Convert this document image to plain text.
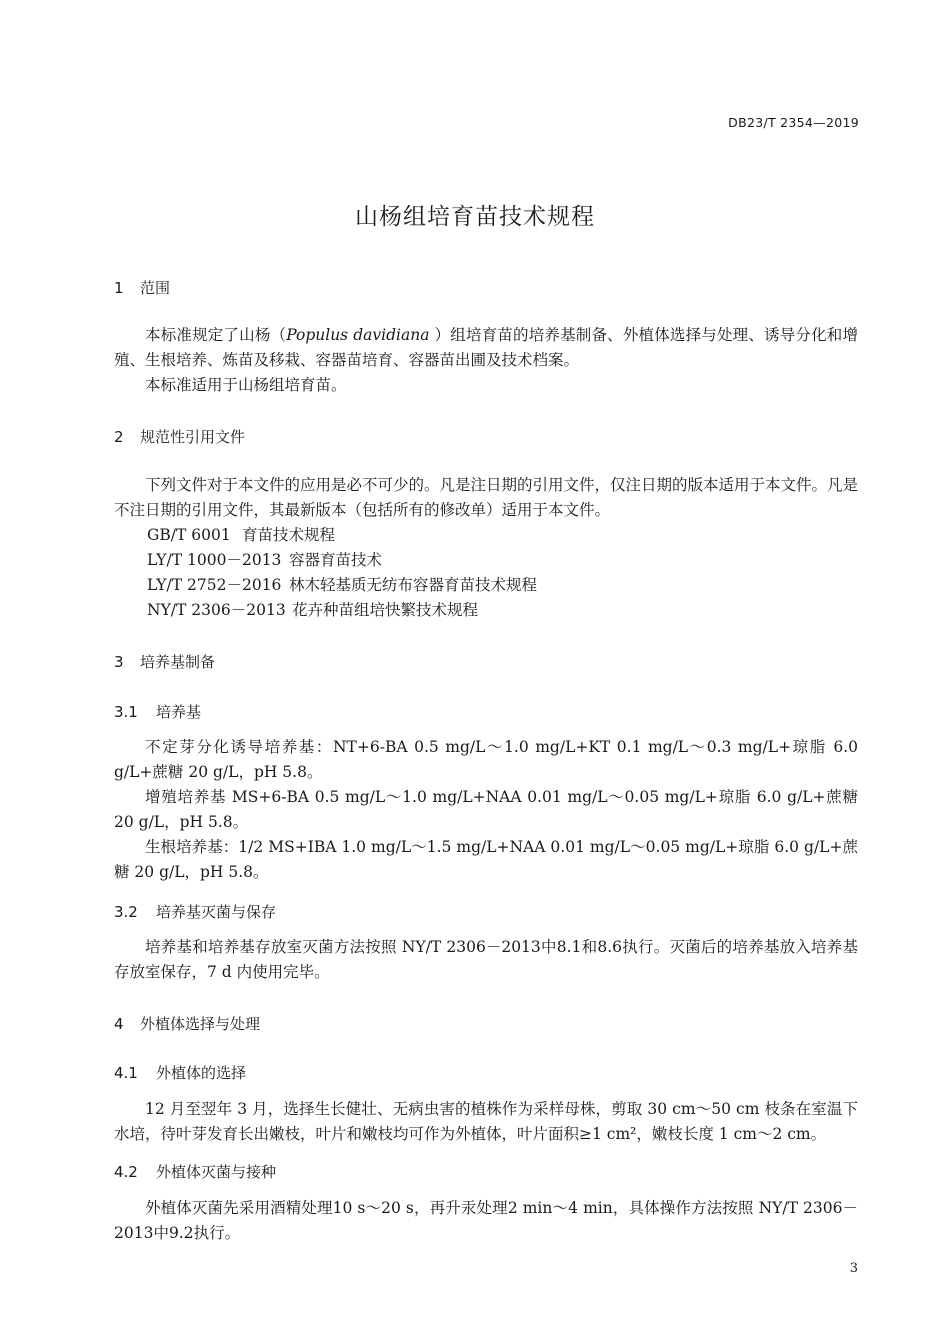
DB23/T 2354—2019
山杨组培育苗技术规程
1 范围
本标准规定了山杨（Populus davidiana ）组培育苗的培养基制备、外植体选择与处理、诱导分化和增殖、生根培养、炼苗及移栽、容器苗培育、容器苗出圃及技术档案。
本标准适用于山杨组培育苗。
2 规范性引用文件
下列文件对于本文件的应用是必不可少的。凡是注日期的引用文件，仅注日期的版本适用于本文件。凡是不注日期的引用文件，其最新版本（包括所有的修改单）适用于本文件。
GB/T 6001 育苗技术规程
LY/T 1000－2013 容器育苗技术
LY/T 2752－2016 林木轻基质无纺布容器育苗技术规程
NY/T 2306－2013 花卉种苗组培快繁技术规程
3 培养基制备
3.1 培养基
不定芽分化诱导培养基：NT+6-BA 0.5 mg/L～1.0 mg/L+KT 0.1 mg/L～0.3 mg/L+琼脂 6.0 g/L+蔗糖 20 g/L，pH 5.8。
增殖培养基 MS+6-BA 0.5 mg/L～1.0 mg/L+NAA 0.01 mg/L～0.05 mg/L+琼脂 6.0 g/L+蔗糖 20 g/L，pH 5.8。
生根培养基：1/2 MS+IBA 1.0 mg/L～1.5 mg/L+NAA 0.01 mg/L～0.05 mg/L+琼脂 6.0 g/L+蔗糖 20 g/L，pH 5.8。
3.2 培养基灭菌与保存
培养基和培养基存放室灭菌方法按照 NY/T 2306－2013中8.1和8.6执行。灭菌后的培养基放入培养基存放室保存，7 d 内使用完毕。
4 外植体选择与处理
4.1 外植体的选择
12 月至翌年 3 月，选择生长健壮、无病虫害的植株作为采样母株，剪取 30 cm～50 cm 枝条在室温下水培，待叶芽发育长出嫩枝，叶片和嫩枝均可作为外植体，叶片面积≥1 cm²，嫩枝长度 1 cm～2 cm。
4.2 外植体灭菌与接种
外植体灭菌先采用酒精处理10 s～20 s，再升汞处理2 min～4 min，具体操作方法按照 NY/T 2306－2013中9.2执行。
3
